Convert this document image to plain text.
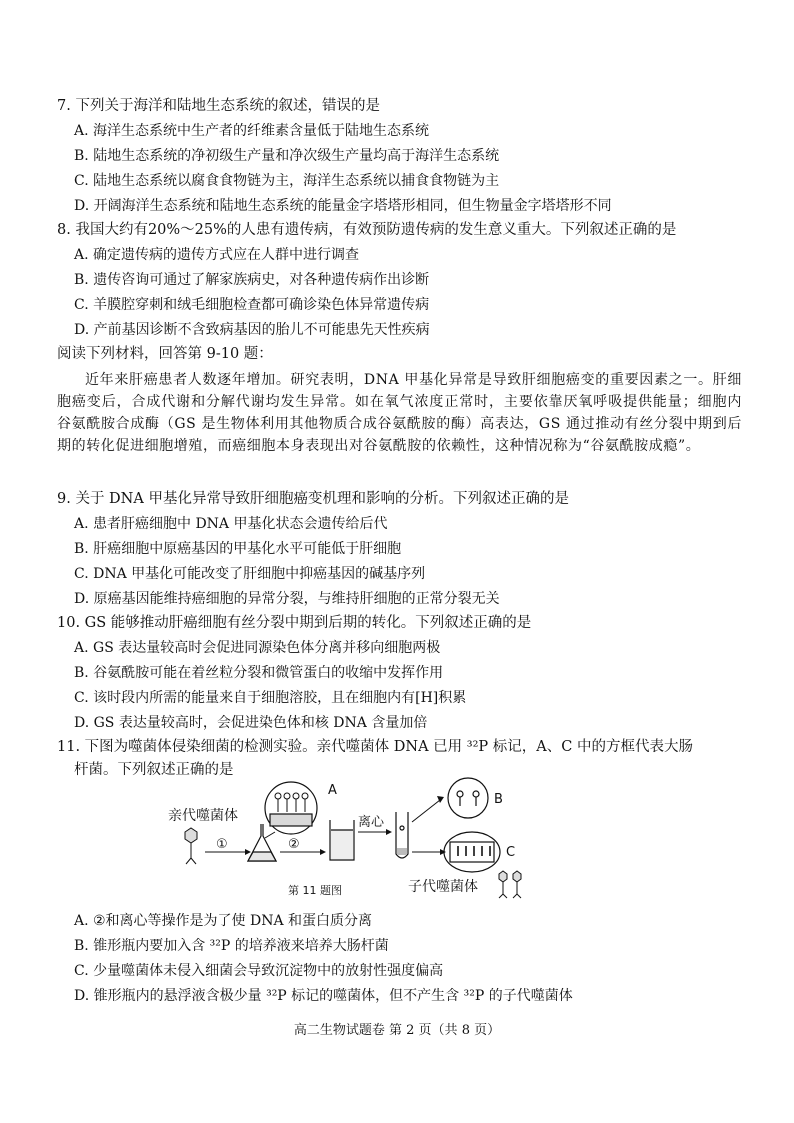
7. 下列关于海洋和陆地生态系统的叙述，错误的是
A. 海洋生态系统中生产者的纤维素含量低于陆地生态系统
B. 陆地生态系统的净初级生产量和净次级生产量均高于海洋生态系统
C. 陆地生态系统以腐食食物链为主，海洋生态系统以捕食食物链为主
D. 开阔海洋生态系统和陆地生态系统的能量金字塔塔形相同，但生物量金字塔塔形不同
8. 我国大约有20%～25%的人患有遗传病，有效预防遗传病的发生意义重大。下列叙述正确的是
A. 确定遗传病的遗传方式应在人群中进行调查
B. 遗传咨询可通过了解家族病史，对各种遗传病作出诊断
C. 羊膜腔穿刺和绒毛细胞检查都可确诊染色体异常遗传病
D. 产前基因诊断不含致病基因的胎儿不可能患先天性疾病
阅读下列材料，回答第 9-10 题：

近年来肝癌患者人数逐年增加。研究表明，DNA 甲基化异常是导致肝细胞癌变的重要因素之一。肝细胞癌变后，合成代谢和分解代谢均发生异常。如在氧气浓度正常时，主要依靠厌氧呼吸提供能量；细胞内谷氨酰胺合成酶（GS 是生物体利用其他物质合成谷氨酰胺的酶）高表达，GS 通过推动有丝分裂中期到后期的转化促进细胞增殖，而癌细胞本身表现出对谷氨酰胺的依赖性，这种情况称为“谷氨酰胺成瘾”。

9. 关于 DNA 甲基化异常导致肝细胞癌变机理和影响的分析。下列叙述正确的是
A. 患者肝癌细胞中 DNA 甲基化状态会遗传给后代
B. 肝癌细胞中原癌基因的甲基化水平可能低于肝细胞
C. DNA 甲基化可能改变了肝细胞中抑癌基因的碱基序列
D. 原癌基因能维持癌细胞的异常分裂，与维持肝细胞的正常分裂无关
10. GS 能够推动肝癌细胞有丝分裂中期到后期的转化。下列叙述正确的是
A. GS 表达量较高时会促进同源染色体分离并移向细胞两极
B. 谷氨酰胺可能在着丝粒分裂和微管蛋白的收缩中发挥作用
C. 该时段内所需的能量来自于细胞溶胶，且在细胞内有[H]积累
D. GS 表达量较高时，会促进染色体和核 DNA 含量加倍
11. 下图为噬菌体侵染细菌的检测实验。亲代噬菌体 DNA 已用 ³²P 标记，A、C 中的方框代表大肠
杆菌。下列叙述正确的是
亲代噬菌体
①
A
②
离心
B
C
第 11 题图	子代噬菌体
A. ②和离心等操作是为了使 DNA 和蛋白质分离
B. 锥形瓶内要加入含 ³²P 的培养液来培养大肠杆菌
C. 少量噬菌体未侵入细菌会导致沉淀物中的放射性强度偏高
D. 锥形瓶内的悬浮液含极少量 ³²P 标记的噬菌体，但不产生含 ³²P 的子代噬菌体
高二生物试题卷 第 2 页（共 8 页）
